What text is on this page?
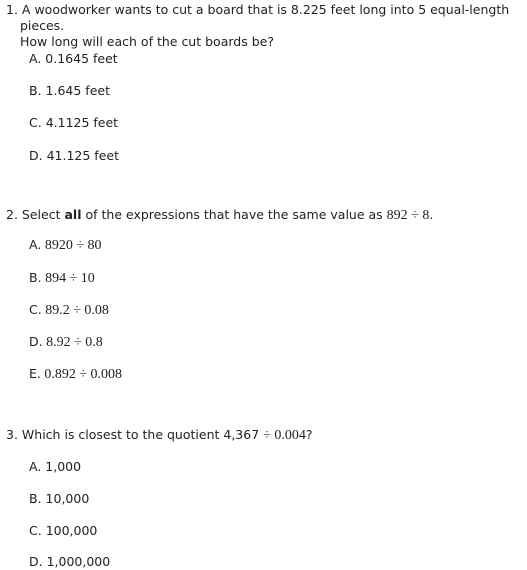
1. A woodworker wants to cut a board that is 8.225 feet long into 5 equal-length pieces.
How long will each of the cut boards be?

A. 0.1645 feet
B. 1.645 feet
C. 4.1125 feet
D. 41.125 feet

2. Select all of the expressions that have the same value as 892 ÷ 8.

A. 8920 ÷ 80
B. 894 ÷ 10
C. 89.2 ÷ 0.08
D. 8.92 ÷ 0.8
E. 0.892 ÷ 0.008

3. Which is closest to the quotient 4,367 ÷ 0.004?

A. 1,000
B. 10,000
C. 100,000
D. 1,000,000
